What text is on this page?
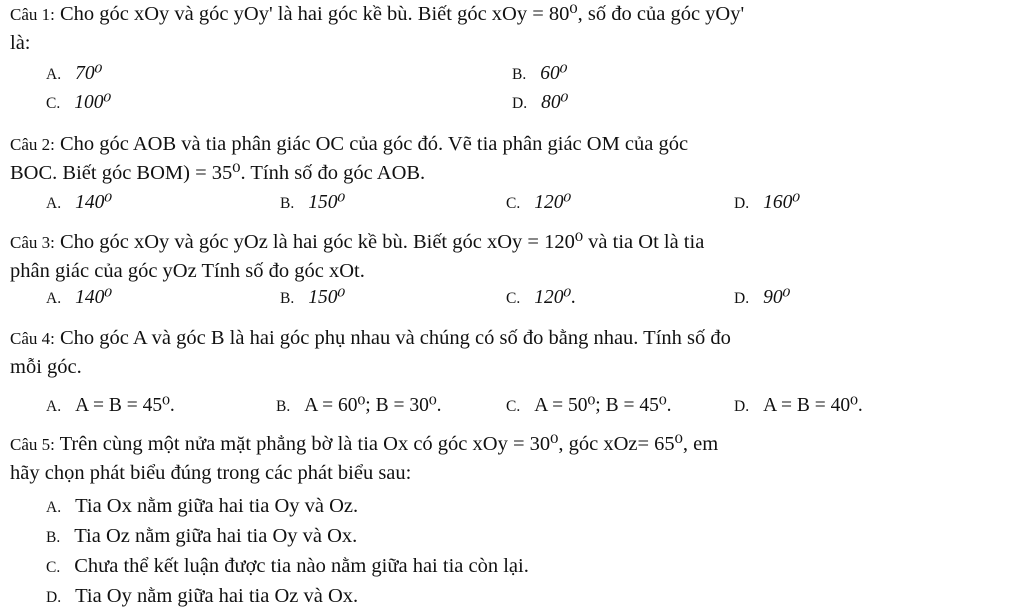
Câu 1: Cho góc xOy và góc yOy' là hai góc kề bù. Biết góc xOy = 80⁰, số đo của góc yOy'
là:
A. 70⁰	B. 60⁰
C. 100⁰	D. 80⁰
Câu 2: Cho góc AOB và tia phân giác OC của góc đó. Vẽ tia phân giác OM của góc
BOC. Biết góc BOM) = 35⁰. Tính số đo góc AOB.
A. 140⁰	B. 150⁰	C. 120⁰	D. 160⁰
Câu 3: Cho góc xOy và góc yOz là hai góc kề bù. Biết góc xOy = 120⁰ và tia Ot là tia
phân giác của góc yOz Tính số đo góc xOt.
A. 140⁰	B. 150⁰	C. 120⁰.	D. 90⁰
Câu 4: Cho góc A và góc B là hai góc phụ nhau và chúng có số đo bằng nhau. Tính số đo
mỗi góc.
A. A = B = 45⁰.	B. A = 60⁰; B = 30⁰.	C. A = 50⁰; B = 45⁰.	D. A = B = 40⁰.
Câu 5: Trên cùng một nửa mặt phẳng bờ là tia Ox có góc xOy = 30⁰, góc xOz= 65⁰, em
hãy chọn phát biểu đúng trong các phát biểu sau:
A. Tia Ox nằm giữa hai tia Oy và Oz.
B. Tia Oz nằm giữa hai tia Oy và Ox.
C. Chưa thể kết luận được tia nào nằm giữa hai tia còn lại.
D. Tia Oy nằm giữa hai tia Oz và Ox.
